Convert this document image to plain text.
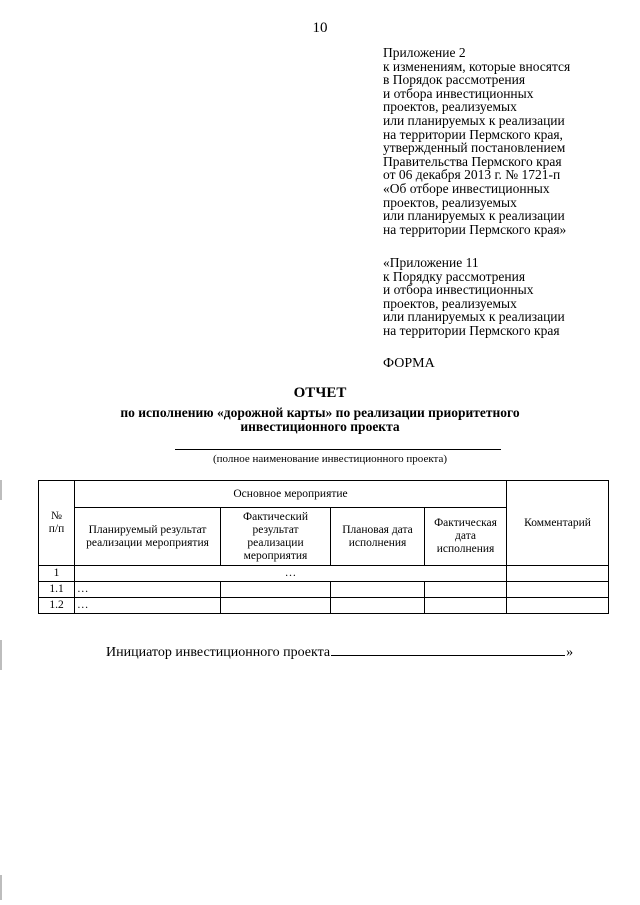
10
Приложение 2
к изменениям, которые вносятся
в Порядок рассмотрения
и отбора инвестиционных
проектов, реализуемых
или планируемых к реализации
на территории Пермского края,
утвержденный постановлением
Правительства Пермского края
от 06 декабря 2013 г. № 1721-п
«Об отборе инвестиционных
проектов, реализуемых
или планируемых к реализации
на территории Пермского края»
«Приложение 11
к Порядку рассмотрения
и отбора инвестиционных
проектов, реализуемых
или планируемых к реализации
на территории Пермского края
ФОРМА
ОТЧЕТ
по исполнению «дорожной карты» по реализации приоритетного
инвестиционного проекта
(полное наименование инвестиционного проекта)
№
п/п	Основное мероприятие				Комментарий
	Планируемый результат реализации мероприятия	Фактический результат реализации мероприятия	Плановая дата исполнения	Фактическая дата исполнения	
1	…				
1.1	…				
1.2	…				
Инициатор инвестиционного проекта	»
